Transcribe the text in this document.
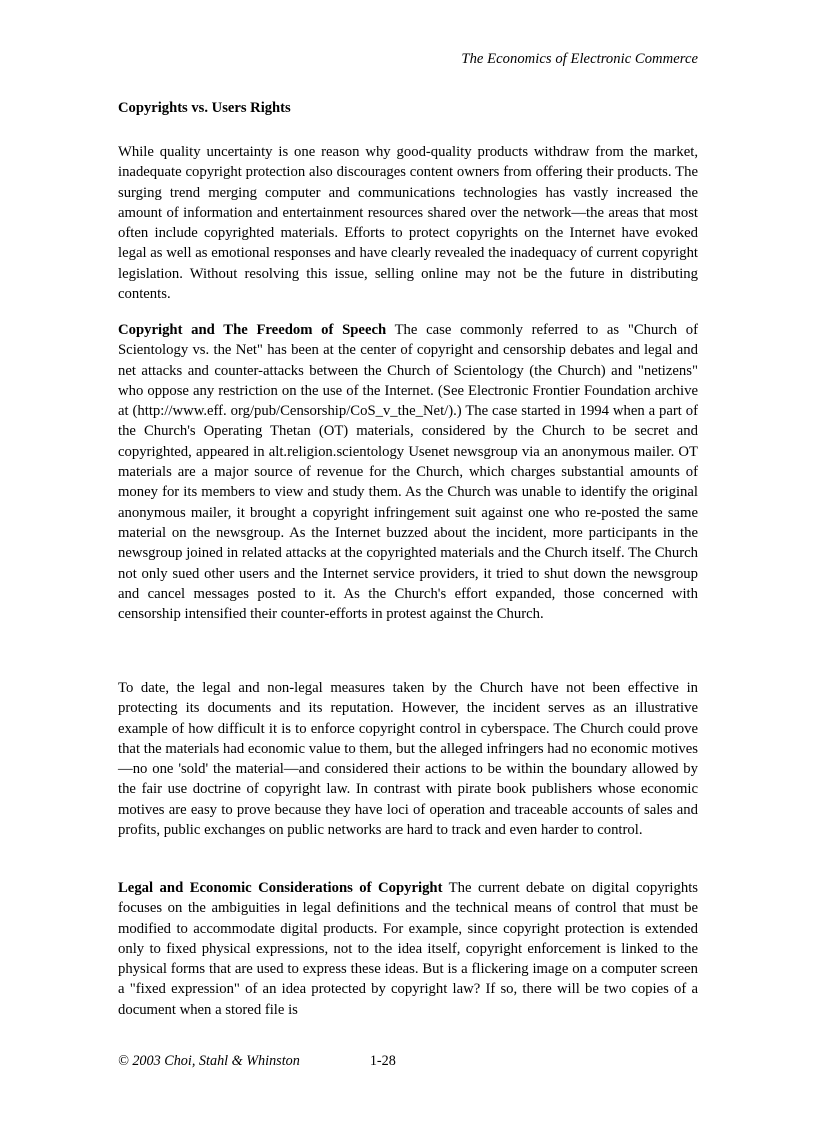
The Economics of Electronic Commerce
Copyrights vs. Users Rights
While quality uncertainty is one reason why good-quality products withdraw from the market, inadequate copyright protection also discourages content owners from offering their products. The surging trend merging computer and communications technologies has vastly increased the amount of information and entertainment resources shared over the network—the areas that most often include copyrighted materials. Efforts to protect copyrights on the Internet have evoked legal as well as emotional responses and have clearly revealed the inadequacy of current copyright legislation. Without resolving this issue, selling online may not be the future in distributing contents.
Copyright and The Freedom of Speech The case commonly referred to as "Church of Scientology vs. the Net" has been at the center of copyright and censorship debates and legal and net attacks and counter-attacks between the Church of Scientology (the Church) and "netizens" who oppose any restriction on the use of the Internet. (See Electronic Frontier Foundation archive at (http://www.eff. org/pub/Censorship/CoS_v_the_Net/).) The case started in 1994 when a part of the Church's Operating Thetan (OT) materials, considered by the Church to be secret and copyrighted, appeared in alt.religion.scientology Usenet newsgroup via an anonymous mailer. OT materials are a major source of revenue for the Church, which charges substantial amounts of money for its members to view and study them. As the Church was unable to identify the original anonymous mailer, it brought a copyright infringement suit against one who re-posted the same material on the newsgroup. As the Internet buzzed about the incident, more participants in the newsgroup joined in related attacks at the copyrighted materials and the Church itself. The Church not only sued other users and the Internet service providers, it tried to shut down the newsgroup and cancel messages posted to it. As the Church's effort expanded, those concerned with censorship intensified their counter-efforts in protest against the Church.
To date, the legal and non-legal measures taken by the Church have not been effective in protecting its documents and its reputation. However, the incident serves as an illustrative example of how difficult it is to enforce copyright control in cyberspace. The Church could prove that the materials had economic value to them, but the alleged infringers had no economic motives—no one 'sold' the material—and considered their actions to be within the boundary allowed by the fair use doctrine of copyright law. In contrast with pirate book publishers whose economic motives are easy to prove because they have loci of operation and traceable accounts of sales and profits, public exchanges on public networks are hard to track and even harder to control.
Legal and Economic Considerations of Copyright The current debate on digital copyrights focuses on the ambiguities in legal definitions and the technical means of control that must be modified to accommodate digital products. For example, since copyright protection is extended only to fixed physical expressions, not to the idea itself, copyright enforcement is linked to the physical forms that are used to express these ideas. But is a flickering image on a computer screen a "fixed expression" of an idea protected by copyright law? If so, there will be two copies of a document when a stored file is
© 2003 Choi, Stahl & Whinston	1-28
